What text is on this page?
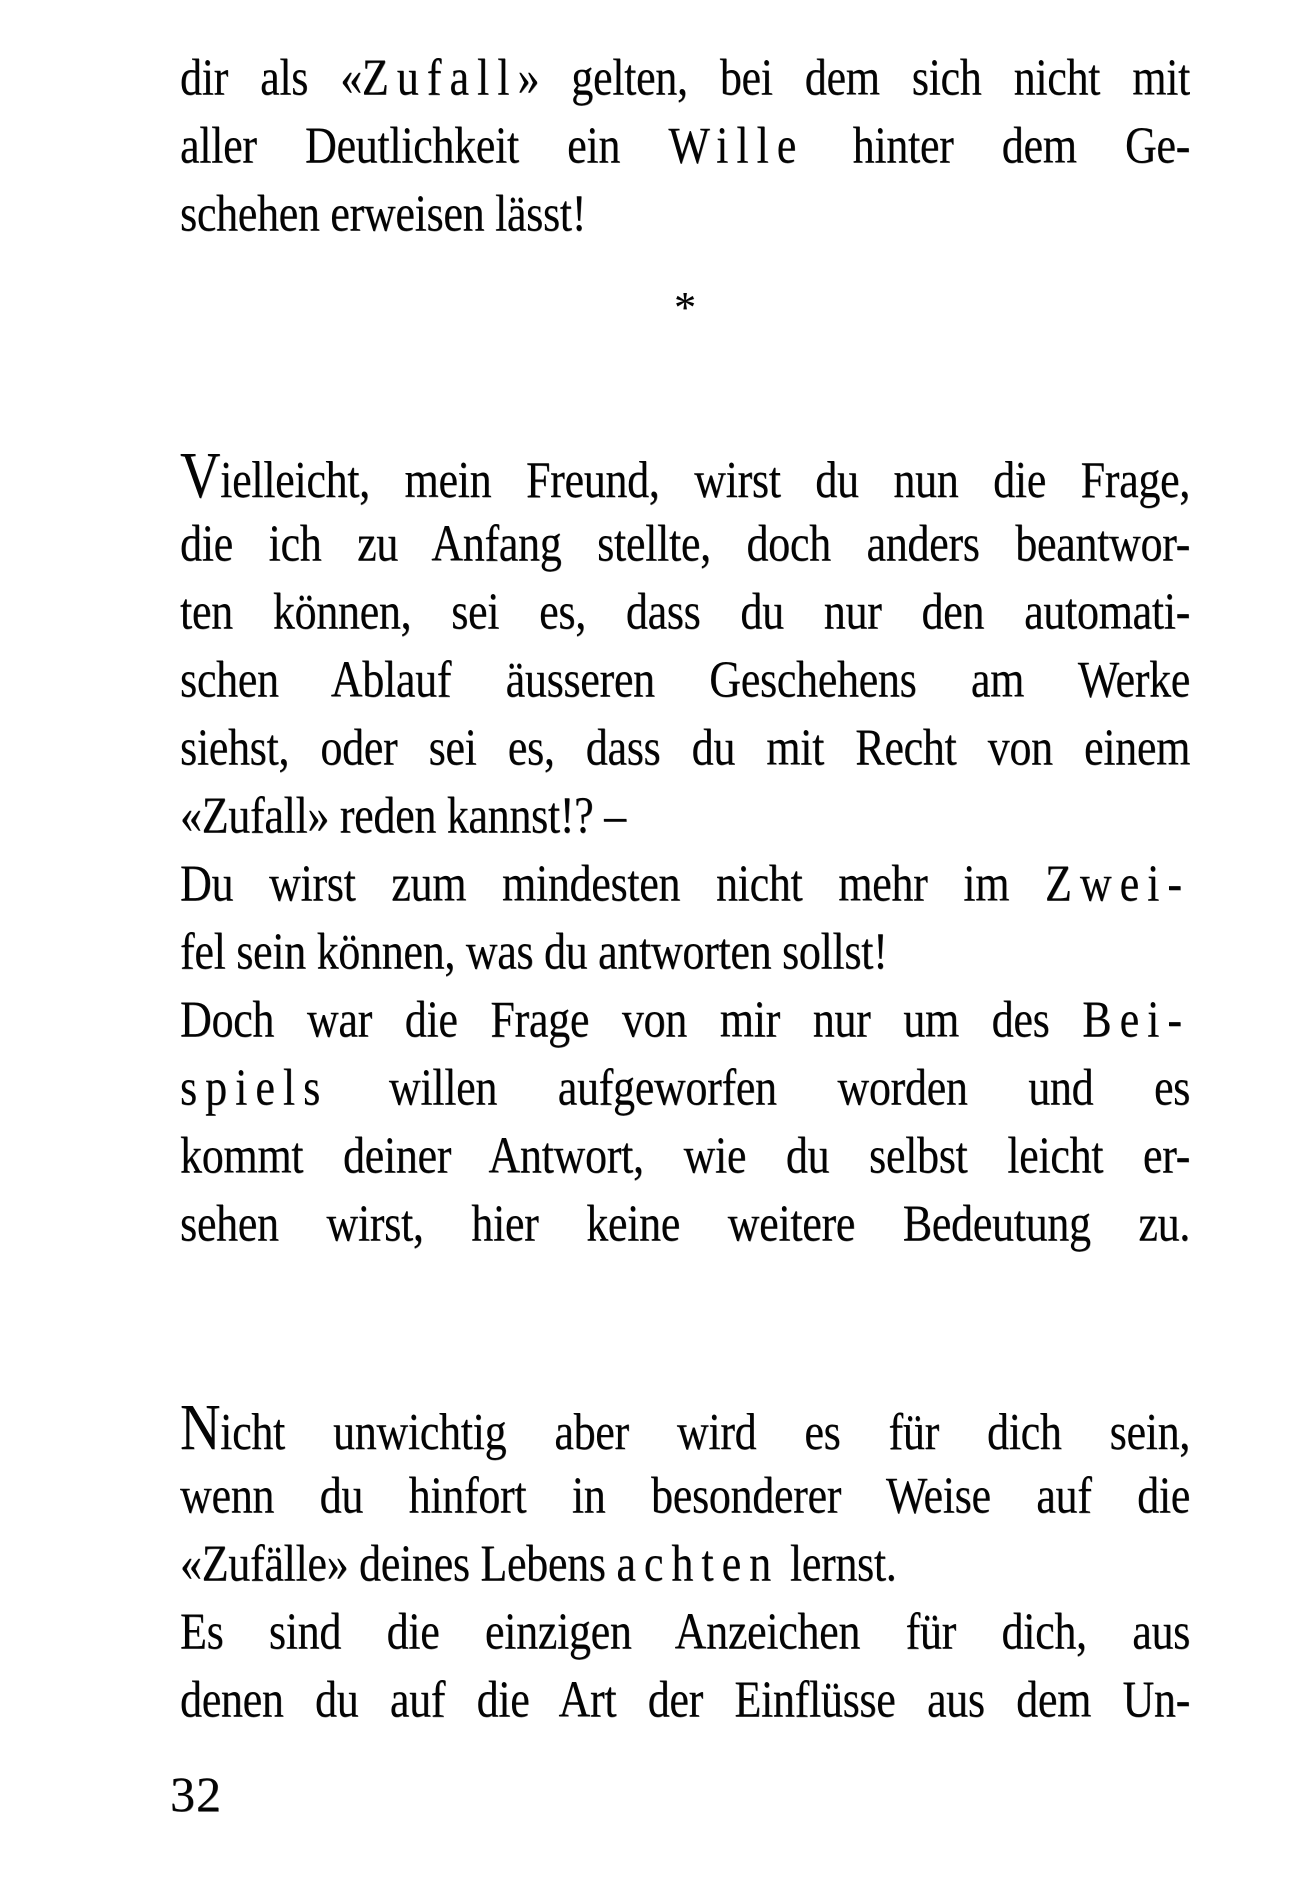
dir als «Zufall» gelten, bei dem sich nicht mit
aller Deutlichkeit ein Wille hinter dem Ge-
schehen erweisen lässt!
*
Vielleicht, mein Freund, wirst du nun die Frage,
die ich zu Anfang stellte, doch anders beantwor-
ten können, sei es, dass du nur den automati-
schen Ablauf äusseren Geschehens am Werke
siehst, oder sei es, dass du mit Recht von einem
«Zufall» reden kannst!? –
Du wirst zum mindesten nicht mehr im Zwei-
fel sein können, was du antworten sollst!
Doch war die Frage von mir nur um des Bei-
spiels willen aufgeworfen worden und es
kommt deiner Antwort, wie du selbst leicht er-
sehen wirst, hier keine weitere Bedeutung zu.
Nicht unwichtig aber wird es für dich sein,
wenn du hinfort in besonderer Weise auf die
«Zufälle» deines Lebens achten lernst.
Es sind die einzigen Anzeichen für dich, aus
denen du auf die Art der Einflüsse aus dem Un-
32
